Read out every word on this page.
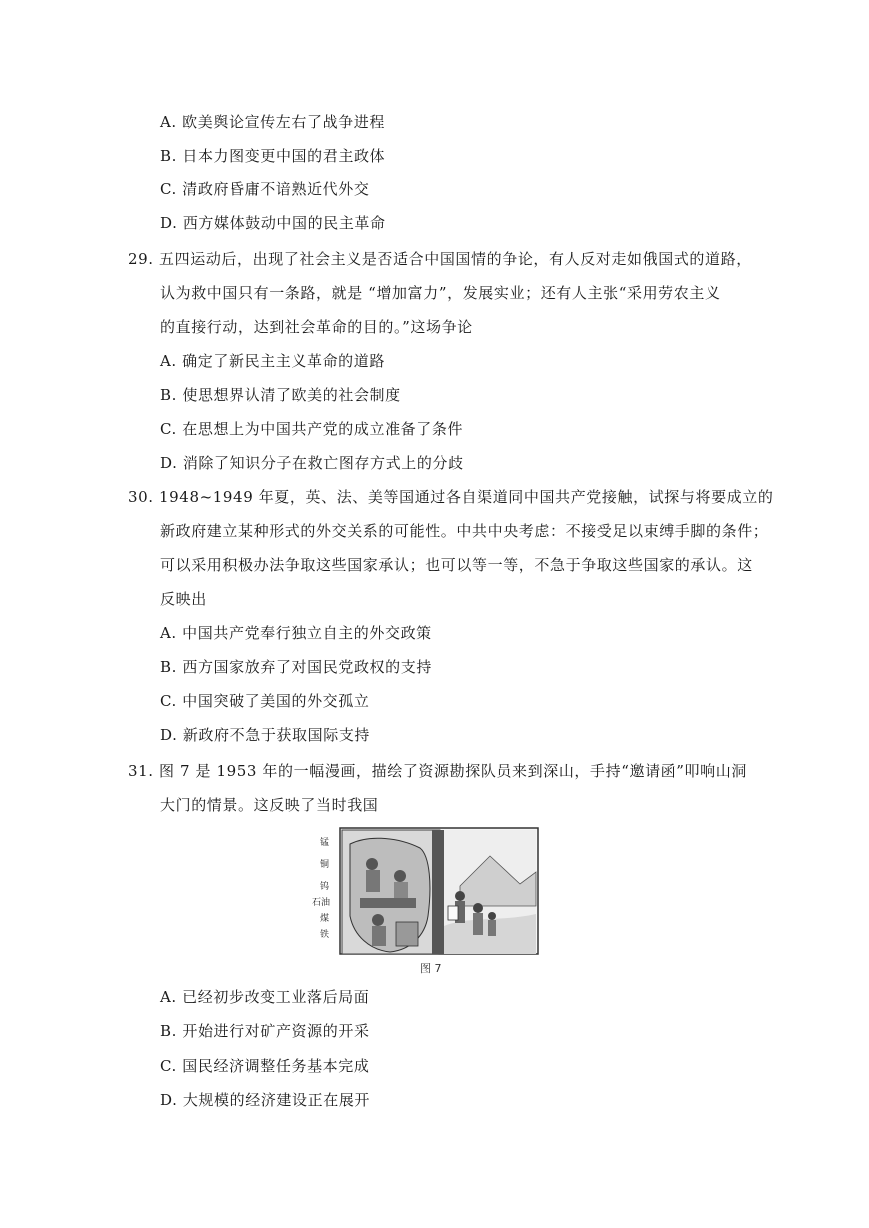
A. 欧美舆论宣传左右了战争进程
B. 日本力图变更中国的君主政体
C. 清政府昏庸不谙熟近代外交
D. 西方媒体鼓动中国的民主革命
29. 五四运动后，出现了社会主义是否适合中国国情的争论，有人反对走如俄国式的道路，
认为救中国只有一条路，就是 “增加富力”，发展实业；还有人主张“采用劳农主义
的直接行动，达到社会革命的目的。”这场争论
A. 确定了新民主主义革命的道路
B. 使思想界认清了欧美的社会制度
C. 在思想上为中国共产党的成立准备了条件
D. 消除了知识分子在救亡图存方式上的分歧
30. 1948~1949 年夏，英、法、美等国通过各自渠道同中国共产党接触，试探与将要成立的
新政府建立某种形式的外交关系的可能性。中共中央考虑：不接受足以束缚手脚的条件；
可以采用积极办法争取这些国家承认；也可以等一等，不急于争取这些国家的承认。这
反映出
A. 中国共产党奉行独立自主的外交政策
B. 西方国家放弃了对国民党政权的支持
C. 中国突破了美国的外交孤立
D. 新政府不急于获取国际支持
31. 图 7 是 1953 年的一幅漫画，描绘了资源勘探队员来到深山，手持“邀请函”叩响山洞
大门的情景。这反映了当时我国
锰
铜
钨
石油
煤
铁
图 7
A. 已经初步改变工业落后局面
B. 开始进行对矿产资源的开采
C. 国民经济调整任务基本完成
D. 大规模的经济建设正在展开
